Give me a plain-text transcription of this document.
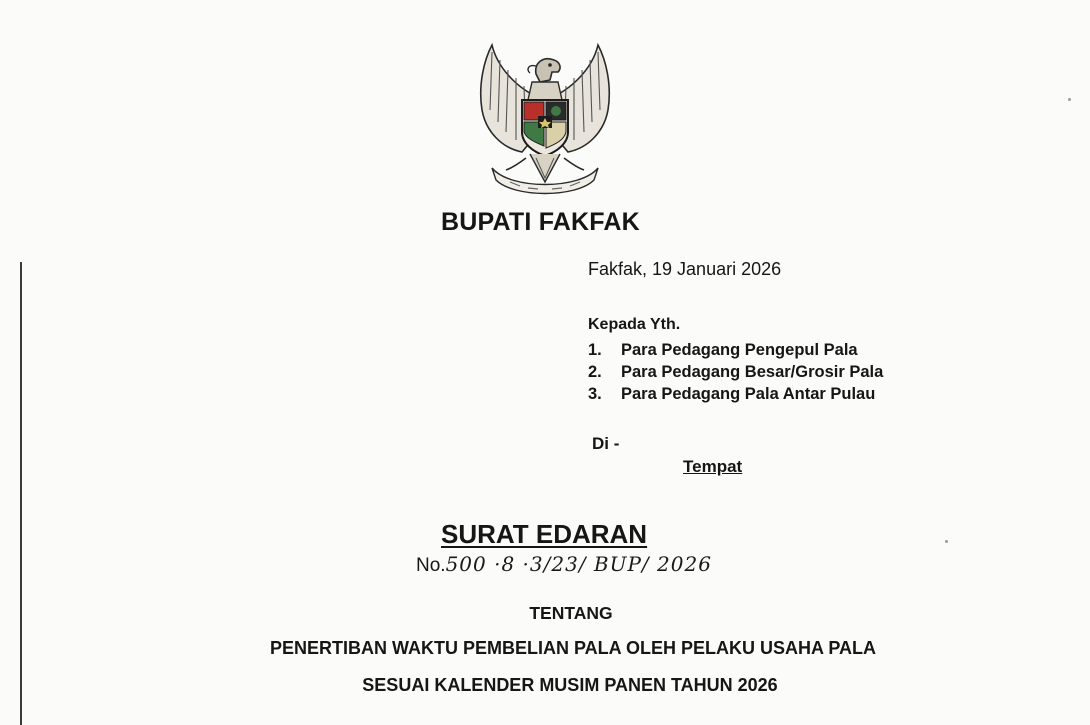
BUPATI FAKFAK
Fakfak, 19 Januari 2026
Kepada Yth.
1. Para Pedagang Pengepul Pala
2. Para Pedagang Besar/Grosir Pala
3. Para Pedagang Pala Antar Pulau
Di -
Tempat
SURAT EDARAN
No.500 ·8 ·3/23/ BUP/ 2026
TENTANG
PENERTIBAN WAKTU PEMBELIAN PALA OLEH PELAKU USAHA PALA
SESUAI KALENDER MUSIM PANEN TAHUN 2026
